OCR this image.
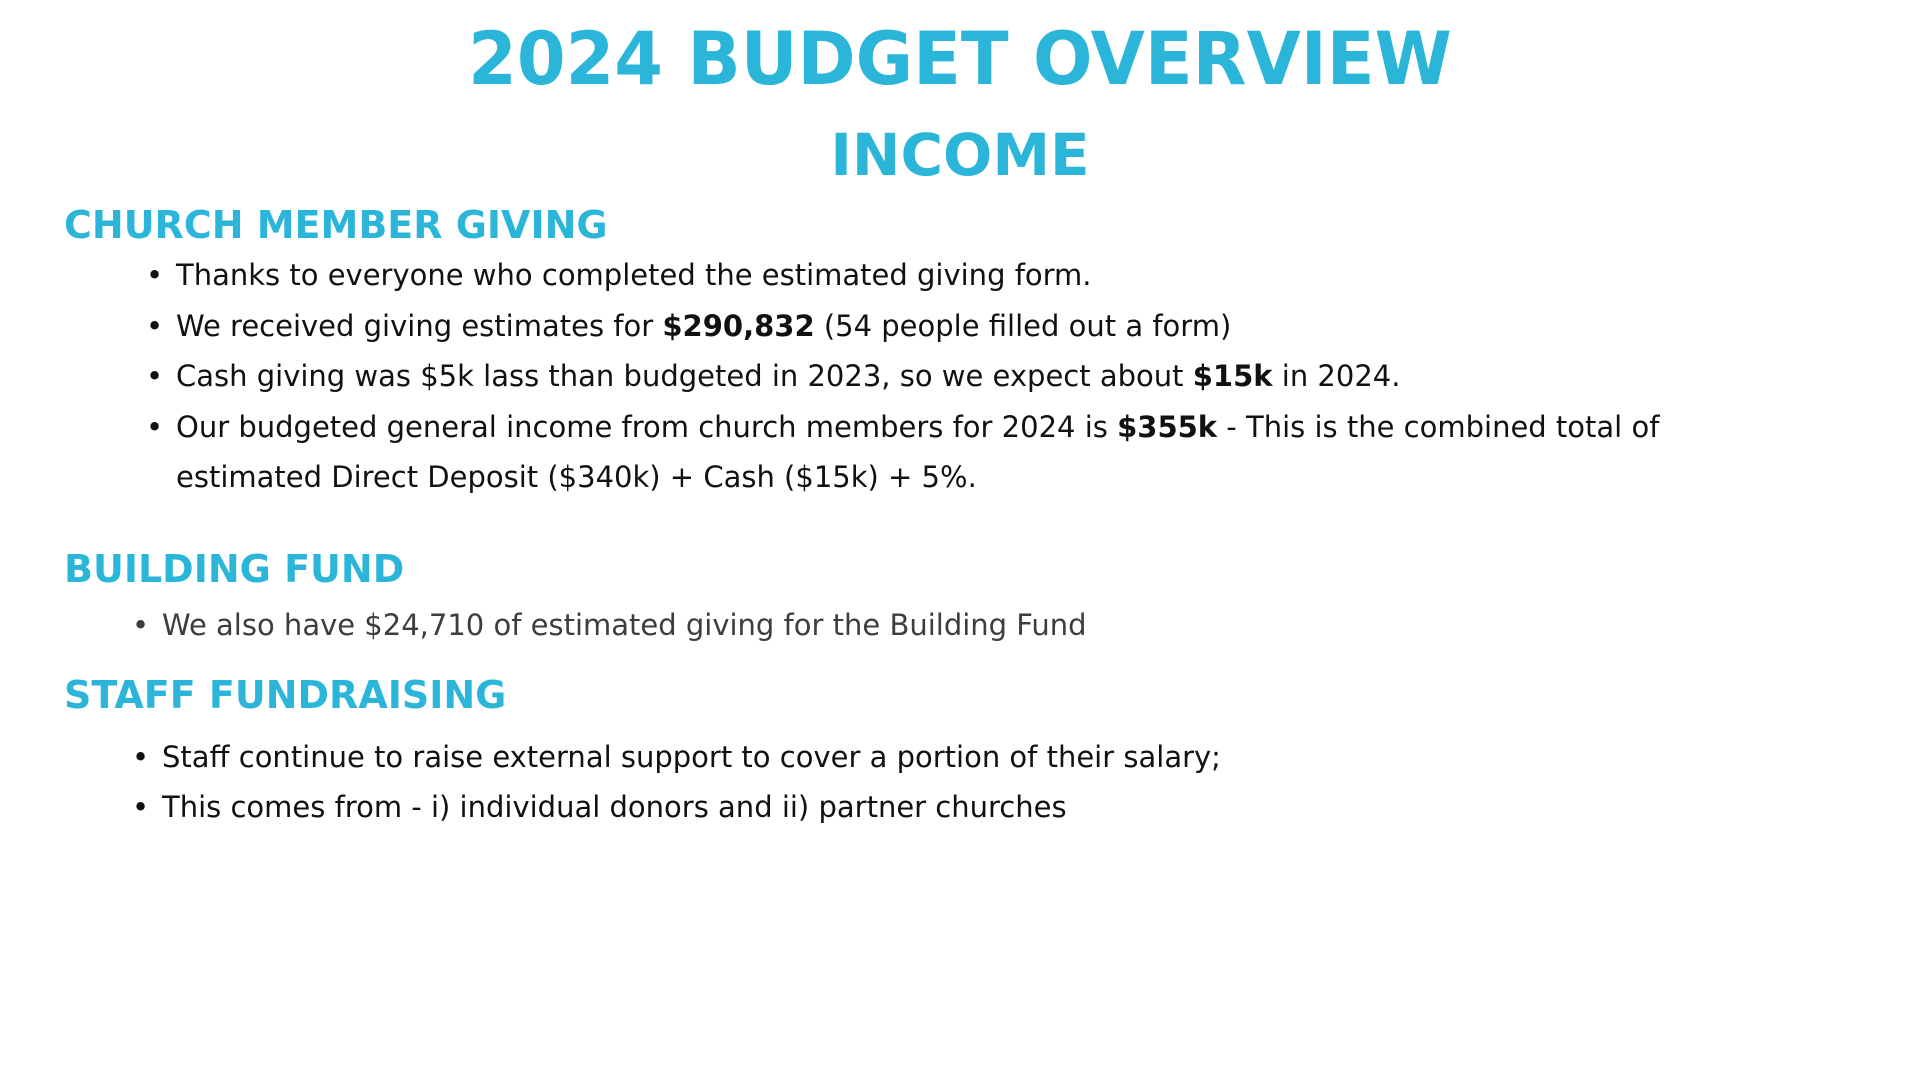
2024 BUDGET OVERVIEW
INCOME
CHURCH MEMBER GIVING
• Thanks to everyone who completed the estimated giving form.
• We received giving estimates for $290,832 (54 people filled out a form)
• Cash giving was $5k lass than budgeted in 2023, so we expect about $15k in 2024.
• Our budgeted general income from church members for 2024 is $355k - This is the combined total of
estimated Direct Deposit ($340k) + Cash ($15k) + 5%.
BUILDING FUND
• We also have $24,710 of estimated giving for the Building Fund
STAFF FUNDRAISING
• Staff continue to raise external support to cover a portion of their salary;
• This comes from - i) individual donors and ii) partner churches
